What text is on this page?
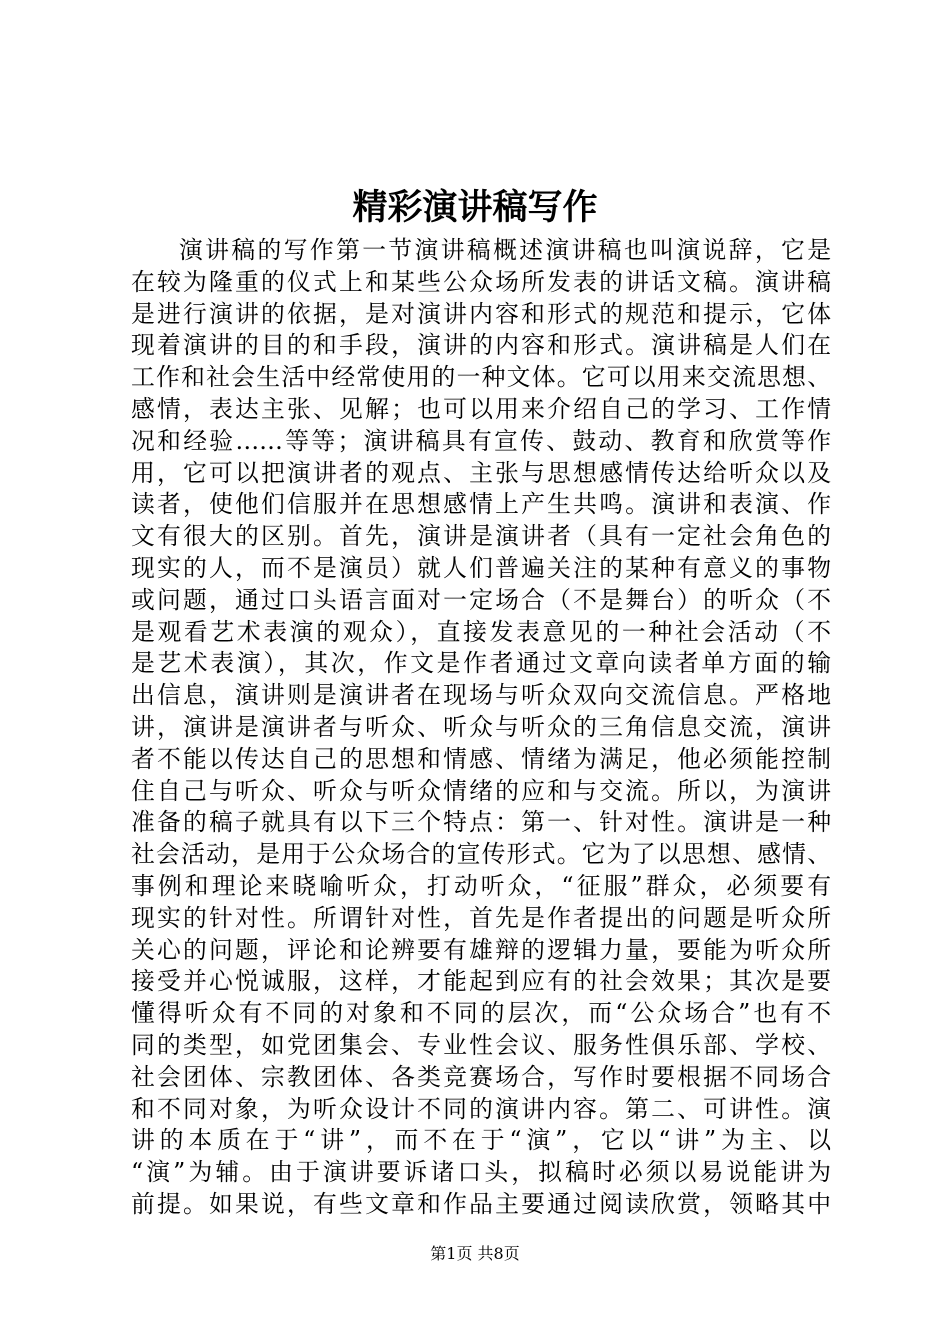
精彩演讲稿写作
演讲稿的写作第一节演讲稿概述演讲稿也叫演说辞，它是
在较为隆重的仪式上和某些公众场所发表的讲话文稿。演讲稿
是进行演讲的依据，是对演讲内容和形式的规范和提示，它体
现着演讲的目的和手段，演讲的内容和形式。演讲稿是人们在
工作和社会生活中经常使用的一种文体。它可以用来交流思想、
感情，表达主张、见解；也可以用来介绍自己的学习、工作情
况和经验……等等；演讲稿具有宣传、鼓动、教育和欣赏等作
用，它可以把演讲者的观点、主张与思想感情传达给听众以及
读者，使他们信服并在思想感情上产生共鸣。演讲和表演、作
文有很大的区别。首先，演讲是演讲者（具有一定社会角色的
现实的人，而不是演员）就人们普遍关注的某种有意义的事物
或问题，通过口头语言面对一定场合（不是舞台）的听众（不
是观看艺术表演的观众），直接发表意见的一种社会活动（不
是艺术表演），其次，作文是作者通过文章向读者单方面的输
出信息，演讲则是演讲者在现场与听众双向交流信息。严格地
讲，演讲是演讲者与听众、听众与听众的三角信息交流，演讲
者不能以传达自己的思想和情感、情绪为满足，他必须能控制
住自己与听众、听众与听众情绪的应和与交流。所以，为演讲
准备的稿子就具有以下三个特点：第一、针对性。演讲是一种
社会活动，是用于公众场合的宣传形式。它为了以思想、感情、
事例和理论来晓喻听众，打动听众，“征服”群众，必须要有
现实的针对性。所谓针对性，首先是作者提出的问题是听众所
关心的问题，评论和论辨要有雄辩的逻辑力量，要能为听众所
接受并心悦诚服，这样，才能起到应有的社会效果；其次是要
懂得听众有不同的对象和不同的层次，而“公众场合”也有不
同的类型，如党团集会、专业性会议、服务性俱乐部、学校、
社会团体、宗教团体、各类竞赛场合，写作时要根据不同场合
和不同对象，为听众设计不同的演讲内容。第二、可讲性。演
讲的本质在于“讲”，而不在于“演”，它以“讲”为主、以
“演”为辅。由于演讲要诉诸口头，拟稿时必须以易说能讲为
前提。如果说，有些文章和作品主要通过阅读欣赏，领略其中
第1页 共8页
